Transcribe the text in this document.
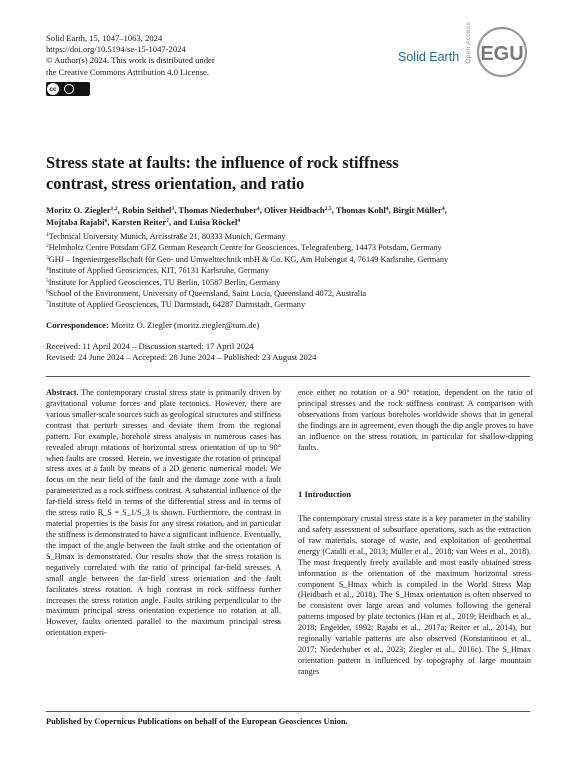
Solid Earth, 15, 1047–1063, 2024
https://doi.org/10.5194/se-15-1047-2024
© Author(s) 2024. This work is distributed under
the Creative Commons Attribution 4.0 License.
cc
Solid Earth Open Access EGU
Stress state at faults: the influence of rock stiffness
contrast, stress orientation, and ratio
Moritz O. Ziegler$^{1,2}$, Robin Seithel$^3$, Thomas Niederhuber$^4$, Oliver Heidbach$^{2,5}$, Thomas Kohl$^4$, Birgit Müller$^4$,
Mojtaba Rajabi$^6$, Karsten Reiter$^7$, and Luisa Röckel$^4$
$^1$Technical University Munich, Arcisstraße 21, 80333 Munich, Germany
$^2$Helmholtz Centre Potsdam GFZ German Research Centre for Geosciences, Telegrafenberg, 14473 Potsdam, Germany
$^3$GHJ – Ingenieurgesellschaft für Geo- und Umwelttechnik mbH & Co. KG, Am Hubengut 4, 76149 Karlsruhe, Germany
$^4$Institute of Applied Geosciences, KIT, 76131 Karlsruhe, Germany
$^5$Institute for Applied Geosciences, TU Berlin, 10587 Berlin, Germany
$^6$School of the Environment, University of Queensland, Saint Lucia, Queensland 4072, Australia
$^7$Institute of Applied Geosciences, TU Darmstadt, 64287 Darmstadt, Germany
Correspondence: Moritz O. Ziegler (moritz.ziegler@tum.de)
Received: 11 April 2024 – Discussion started: 17 April 2024
Revised: 24 June 2024 – Accepted: 28 June 2024 – Published: 23 August 2024

Abstract. The contemporary crustal stress state is primarily driven by gravitational volume forces and plate tectonics. However, there are various smaller-scale sources such as geological structures and stiffness contrast that perturb stresses and deviate them from the regional pattern. For example, borehole stress analysis in numerous cases has revealed abrupt rotations of horizontal stress orientation of up to 90° when faults are crossed. Herein, we investigate the rotation of principal stress axes at a fault by means of a 2D generic numerical model. We focus on the near field of the fault and the damage zone with a fault parameterized as a rock stiffness contrast. A substantial influence of the far-field stress field in terms of the differential stress and in terms of the stress ratio R_S = S_1/S_3 is shown. Furthermore, the contrast in material properties is the basis for any stress rotation, and in particular the stiffness is demonstrated to have a significant influence. Eventually, the impact of the angle between the fault strike and the orientation of S_Hmax is demonstrated. Our results show that the stress rotation is negatively correlated with the ratio of principal far-field stresses. A small angle between the far-field stress orientation and the fault facilitates stress rotation. A high contrast in rock stiffness further increases the stress rotation angle. Faults striking perpendicular to the maximum principal stress orientation experience no rotation at all. However, faults oriented parallel to the maximum principal stress orientation experi-

ence either no rotation or a 90° rotation, dependent on the ratio of principal stresses and the rock stiffness contrast. A comparison with observations from various boreholes worldwide shows that in general the findings are in agreement, even though the dip angle proves to have an influence on the stress rotation, in particular for shallow-dipping faults.

1 Introduction
The contemporary crustal stress state is a key parameter in the stability and safety assessment of subsurface operations, such as the extraction of raw materials, storage of waste, and exploitation of geothermal energy (Catalli et al., 2013; Müller et al., 2018; van Wees et al., 2018). The most frequently freely available and most easily obtained stress information is the orientation of the maximum horizontal stress component S_Hmax which is compiled in the World Stress Map (Heidbach et al., 2018). The S_Hmax orientation is often observed to be consistent over large areas and volumes following the general patterns imposed by plate tectonics (Han et al., 2019; Heidbach et al., 2018; Engelder, 1992; Rajabi et al., 2017a; Reiter et al., 2014), but regionally variable patterns are also observed (Konstantinou et al., 2017; Niederhuber et al., 2023; Ziegler et al., 2016c). The S_Hmax orientation pattern is influenced by topography of large mountain ranges
Published by Copernicus Publications on behalf of the European Geosciences Union.
